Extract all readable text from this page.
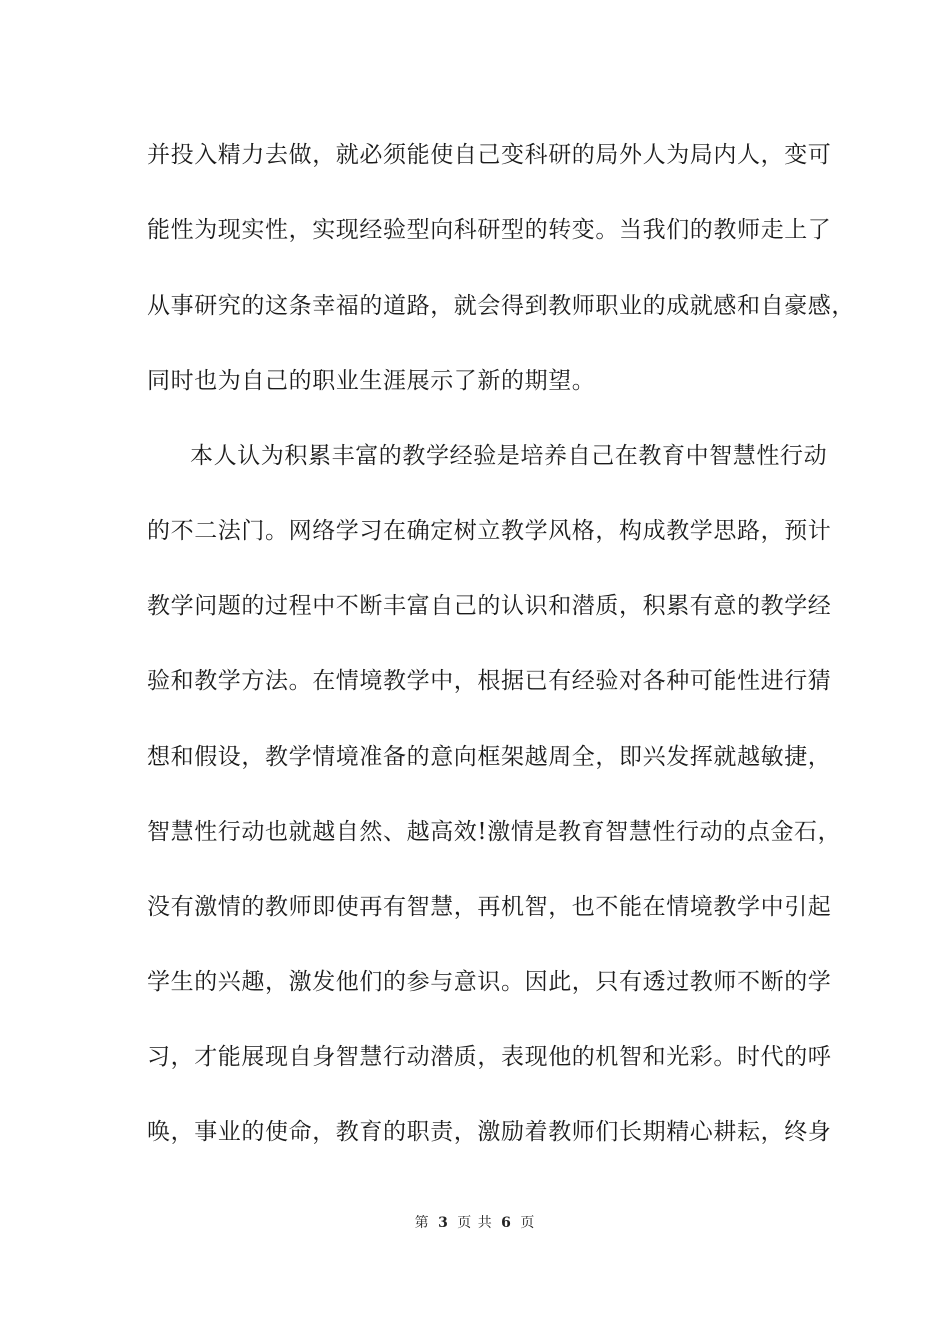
并投入精力去做，就必须能使自己变科研的局外人为局内人，变可
能性为现实性，实现经验型向科研型的转变。当我们的教师走上了
从事研究的这条幸福的道路，就会得到教师职业的成就感和自豪感，
同时也为自己的职业生涯展示了新的期望。
本人认为积累丰富的教学经验是培养自己在教育中智慧性行动
的不二法门。网络学习在确定树立教学风格，构成教学思路，预计
教学问题的过程中不断丰富自己的认识和潜质，积累有意的教学经
验和教学方法。在情境教学中，根据已有经验对各种可能性进行猜
想和假设，教学情境准备的意向框架越周全，即兴发挥就越敏捷，
智慧性行动也就越自然、越高效!激情是教育智慧性行动的点金石，
没有激情的教师即使再有智慧，再机智，也不能在情境教学中引起
学生的兴趣，激发他们的参与意识。因此，只有透过教师不断的学
习，才能展现自身智慧行动潜质，表现他的机智和光彩。时代的呼
唤，事业的使命，教育的职责，激励着教师们长期精心耕耘，终身
第 3 页 共 6 页
